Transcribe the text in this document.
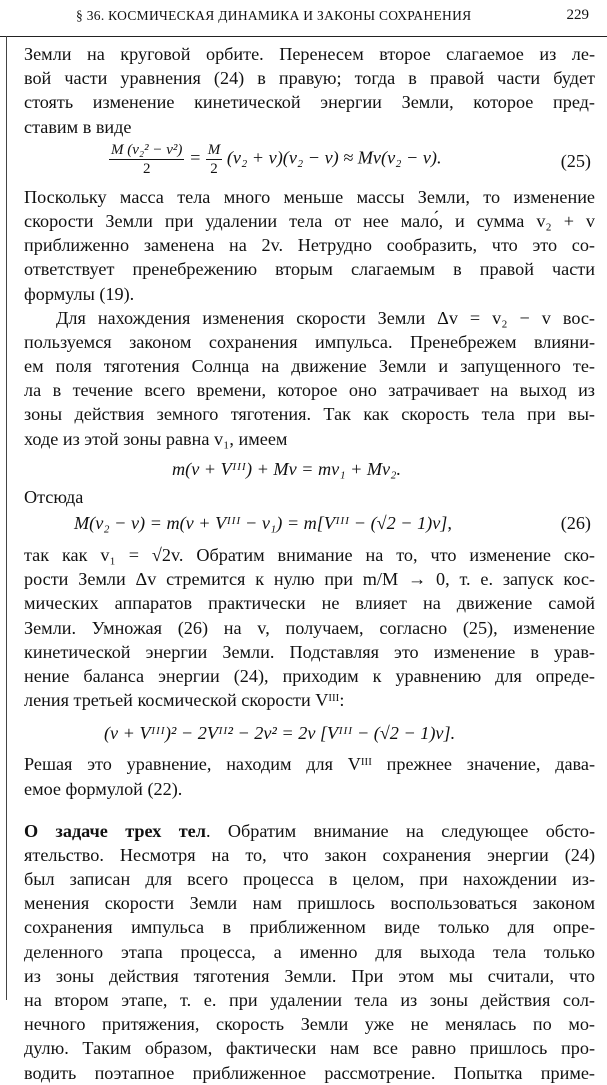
§ 36. КОСМИЧЕСКАЯ ДИНАМИКА И ЗАКОНЫ СОХРАНЕНИЯ	229
Земли на круговой орбите. Перенесем второе слагаемое из ле-
вой части уравнения (24) в правую; тогда в правой части будет
стоять изменение кинетической энергии Земли, которое пред-
ставим в виде
$\frac{\text{M (v₂² − v²)}}{2} = \frac{M}{2} (v_2 + v)(v_2 - v) \approx Mv(v_2 - v)$.	(25)
Поскольку масса тела много меньше массы Земли, то изменение
скорости Земли при удалении тела от нее мало́, и сумма v₂ + v
приближенно заменена на 2v. Нетрудно сообразить, что это со-
ответствует пренебрежению вторым слагаемым в правой части
формулы (19).
Для нахождения изменения скорости Земли Δv = v₂ − v вос-
пользуемся законом сохранения импульса. Пренебрежем влияни-
ем поля тяготения Солнца на движение Земли и запущенного те-
ла в течение всего времени, которое оно затрачивает на выход из
зоны действия земного тяготения. Так как скорость тела при вы-
ходе из этой зоны равна v₁, имеем
m(v + Vᴵᴵᴵ) + Mv = mv₁ + Mv₂.
Отсюда
M(v₂ − v) = m(v + Vᴵᴵᴵ − v₁) = m[Vᴵᴵᴵ − (√2 − 1)v],	(26)
так как v₁ = √2v. Обратим внимание на то, что изменение ско-
рости Земли Δv стремится к нулю при m/M → 0, т. е. запуск кос-
мических аппаратов практически не влияет на движение самой
Земли. Умножая (26) на v, получаем, согласно (25), изменение
кинетической энергии Земли. Подставляя это изменение в урав-
нение баланса энергии (24), приходим к уравнению для опреде-
ления третьей космической скорости Vᴵᴵᴵ:
(v + Vᴵᴵᴵ)² − 2Vᴵᴵ² − 2v² = 2v [Vᴵᴵᴵ − (√2 − 1)v].
Решая это уравнение, находим для Vᴵᴵᴵ прежнее значение, дава-
емое формулой (22).
О задаче трех тел. Обратим внимание на следующее обсто-
ятельство. Несмотря на то, что закон сохранения энергии (24)
был записан для всего процесса в целом, при нахождении из-
менения скорости Земли нам пришлось воспользоваться законом
сохранения импульса в приближенном виде только для опре-
деленного этапа процесса, а именно для выхода тела только
из зоны действия тяготения Земли. При этом мы считали, что
на втором этапе, т. е. при удалении тела из зоны действия сол-
нечного притяжения, скорость Земли уже не менялась по мо-
дулю. Таким образом, фактически нам все равно пришлось про-
водить поэтапное приближенное рассмотрение. Попытка приме-
